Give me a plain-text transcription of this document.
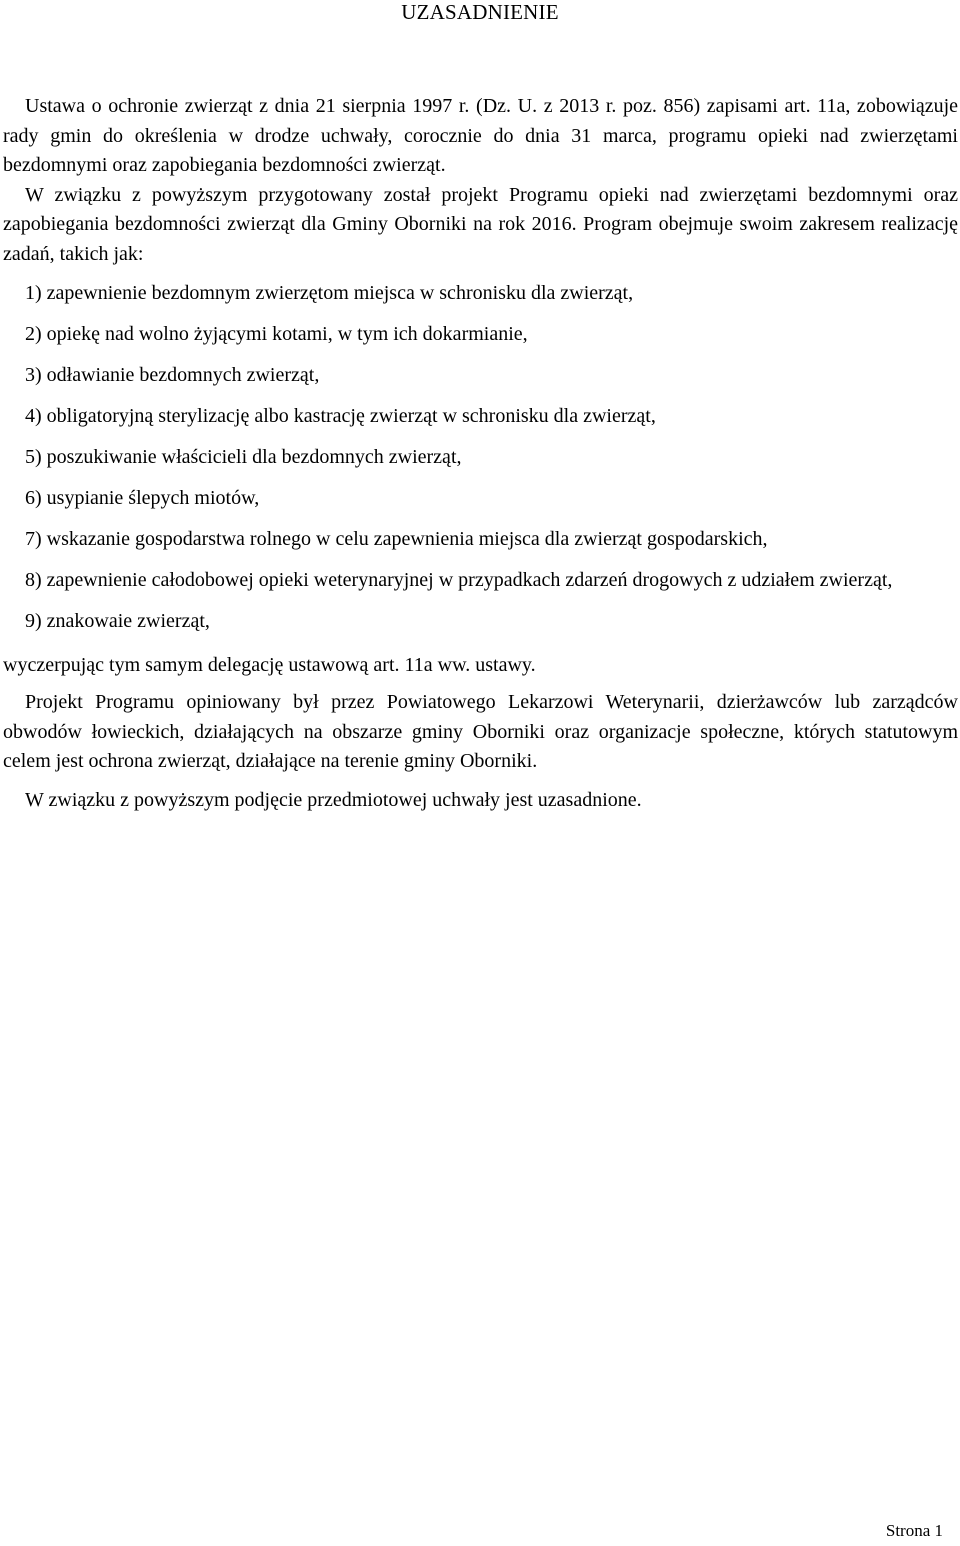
UZASADNIENIE

Ustawa o ochronie zwierząt z dnia 21 sierpnia 1997 r. (Dz. U. z 2013 r. poz. 856) zapisami art. 11a, zobowiązuje rady gmin do określenia w drodze uchwały, corocznie do dnia 31 marca, programu opieki nad zwierzętami bezdomnymi oraz zapobiegania bezdomności zwierząt.

W związku z powyższym przygotowany został projekt Programu opieki nad zwierzętami bezdomnymi oraz zapobiegania bezdomności zwierząt dla Gminy Oborniki na rok 2016. Program obejmuje swoim zakresem realizację zadań, takich jak:

1) zapewnienie bezdomnym zwierzętom miejsca w schronisku dla zwierząt,
2) opiekę nad wolno żyjącymi kotami, w tym ich dokarmianie,
3) odławianie bezdomnych zwierząt,
4) obligatoryjną sterylizację albo kastrację zwierząt w schronisku dla zwierząt,
5) poszukiwanie właścicieli dla bezdomnych zwierząt,
6) usypianie ślepych miotów,
7) wskazanie gospodarstwa rolnego w celu zapewnienia miejsca dla zwierząt gospodarskich,
8) zapewnienie całodobowej opieki weterynaryjnej w przypadkach zdarzeń drogowych z udziałem zwierząt,
9) znakowaie zwierząt,

wyczerpując tym samym delegację ustawową art. 11a ww. ustawy.

Projekt Programu opiniowany był przez Powiatowego Lekarzowi Weterynarii, dzierżawców lub zarządców obwodów łowieckich, działających na obszarze gminy Oborniki oraz organizacje społeczne, których statutowym celem jest ochrona zwierząt, działające na terenie gminy Oborniki.

W związku z powyższym podjęcie przedmiotowej uchwały jest uzasadnione.

Strona 1
